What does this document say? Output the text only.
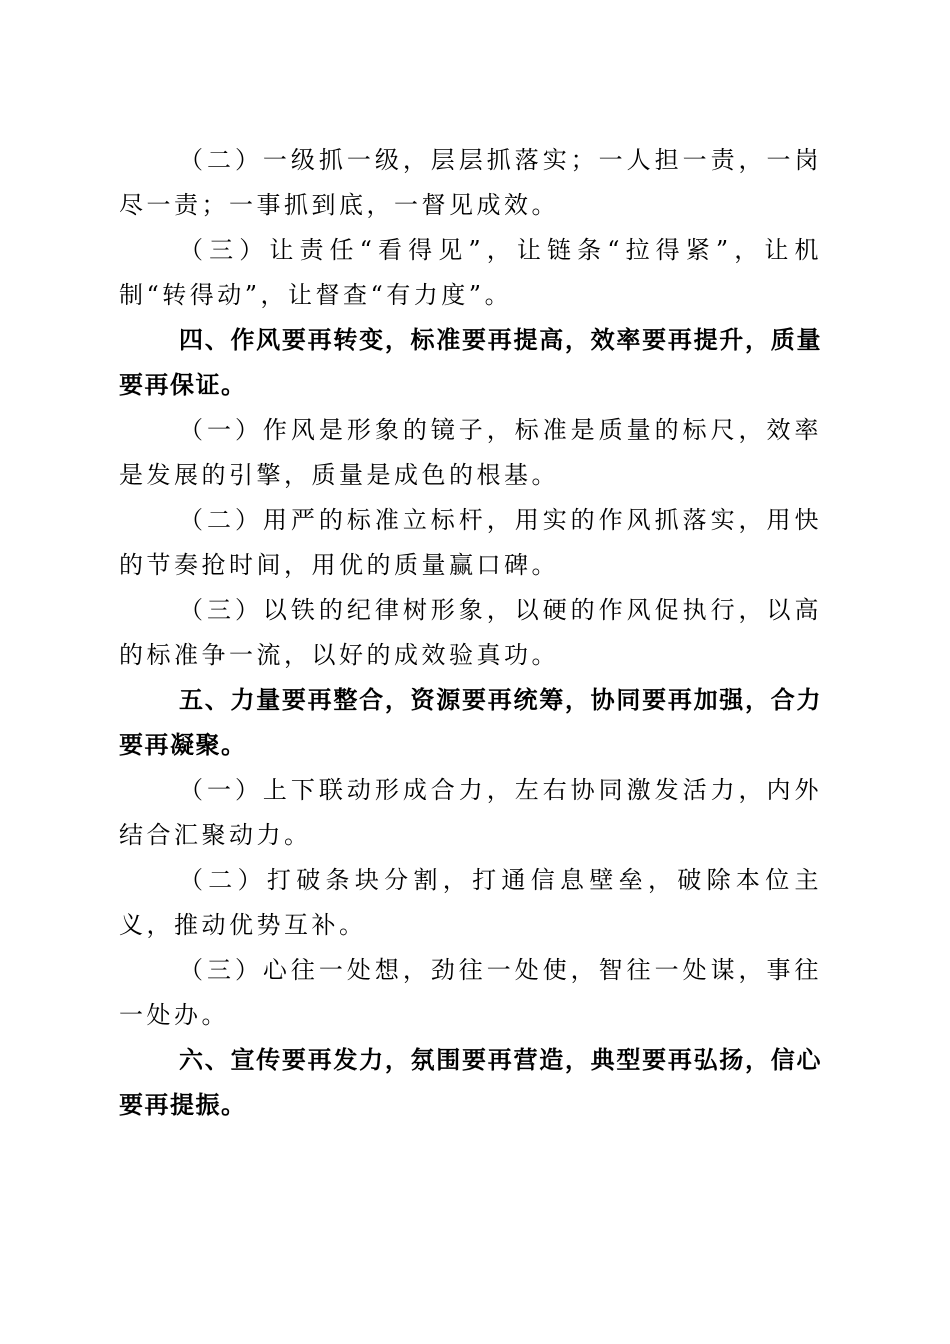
（二）一级抓一级，层层抓落实；一人担一责，一岗尽一责；一事抓到底，一督见成效。

（三）让责任“看得见”，让链条“拉得紧”，让机制“转得动”，让督查“有力度”。

四、作风要再转变，标准要再提高，效率要再提升，质量要再保证。

（一）作风是形象的镜子，标准是质量的标尺，效率是发展的引擎，质量是成色的根基。

（二）用严的标准立标杆，用实的作风抓落实，用快的节奏抢时间，用优的质量赢口碑。

（三）以铁的纪律树形象，以硬的作风促执行，以高的标准争一流，以好的成效验真功。

五、力量要再整合，资源要再统筹，协同要再加强，合力要再凝聚。

（一）上下联动形成合力，左右协同激发活力，内外结合汇聚动力。

（二）打破条块分割，打通信息壁垒，破除本位主义，推动优势互补。

（三）心往一处想，劲往一处使，智往一处谋，事往一处办。

六、宣传要再发力，氛围要再营造，典型要再弘扬，信心要再提振。
